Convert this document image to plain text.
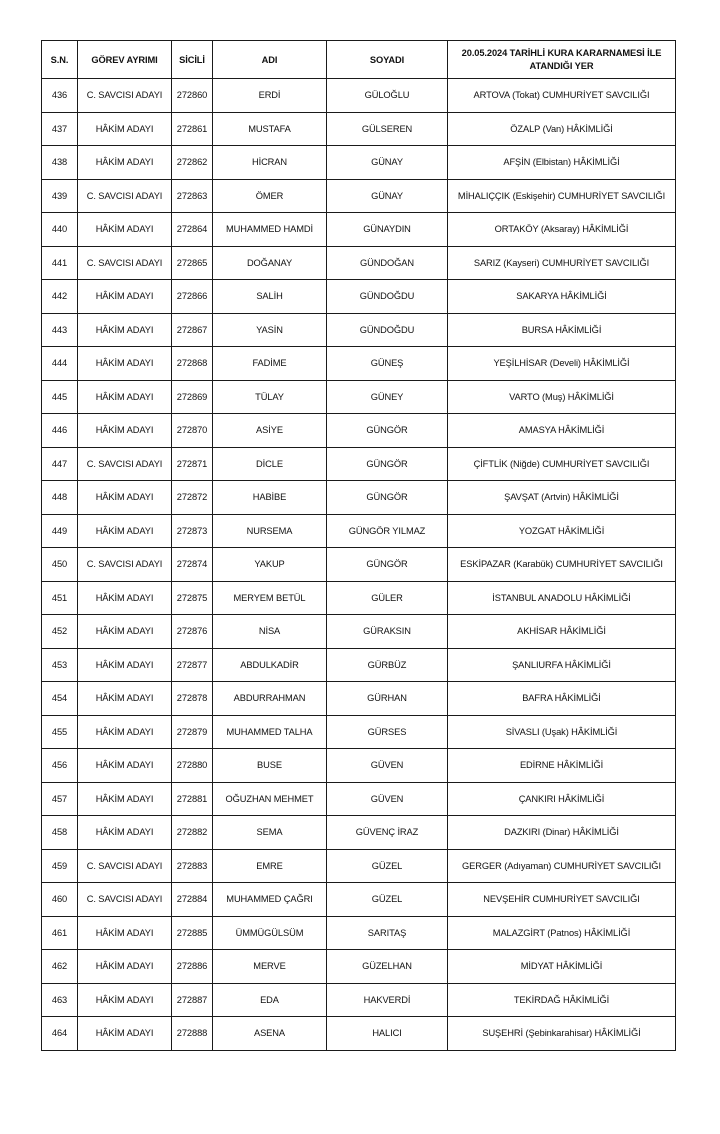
S.N.	GÖREV AYRIMI	SİCİLİ	ADI	SOYADI	20.05.2024 TARİHLİ KURA KARARNAMESİ İLE ATANDIĞI YER
436	C. SAVCISI ADAYI	272860	ERDİ	GÜLOĞLU	ARTOVA (Tokat) CUMHURİYET SAVCILIĞI
437	HÂKİM ADAYI	272861	MUSTAFA	GÜLSEREN	ÖZALP (Van) HÂKİMLİĞİ
438	HÂKİM ADAYI	272862	HİCRAN	GÜNAY	AFŞİN (Elbistan) HÂKİMLİĞİ
439	C. SAVCISI ADAYI	272863	ÖMER	GÜNAY	MİHALIÇÇIK (Eskişehir) CUMHURİYET SAVCILIĞI
440	HÂKİM ADAYI	272864	MUHAMMED HAMDİ	GÜNAYDIN	ORTAKÖY (Aksaray) HÂKİMLİĞİ
441	C. SAVCISI ADAYI	272865	DOĞANAY	GÜNDOĞAN	SARIZ (Kayseri) CUMHURİYET SAVCILIĞI
442	HÂKİM ADAYI	272866	SALİH	GÜNDOĞDU	SAKARYA HÂKİMLİĞİ
443	HÂKİM ADAYI	272867	YASİN	GÜNDOĞDU	BURSA HÂKİMLİĞİ
444	HÂKİM ADAYI	272868	FADİME	GÜNEŞ	YEŞİLHİSAR (Develi) HÂKİMLİĞİ
445	HÂKİM ADAYI	272869	TÜLAY	GÜNEY	VARTO (Muş) HÂKİMLİĞİ
446	HÂKİM ADAYI	272870	ASİYE	GÜNGÖR	AMASYA HÂKİMLİĞİ
447	C. SAVCISI ADAYI	272871	DİCLE	GÜNGÖR	ÇİFTLİK (Niğde) CUMHURİYET SAVCILIĞI
448	HÂKİM ADAYI	272872	HABİBE	GÜNGÖR	ŞAVŞAT (Artvin) HÂKİMLİĞİ
449	HÂKİM ADAYI	272873	NURSEMA	GÜNGÖR YILMAZ	YOZGAT HÂKİMLİĞİ
450	C. SAVCISI ADAYI	272874	YAKUP	GÜNGÖR	ESKİPAZAR (Karabük) CUMHURİYET SAVCILIĞI
451	HÂKİM ADAYI	272875	MERYEM BETÜL	GÜLER	İSTANBUL ANADOLU HÂKİMLİĞİ
452	HÂKİM ADAYI	272876	NİSA	GÜRAKSIN	AKHİSAR HÂKİMLİĞİ
453	HÂKİM ADAYI	272877	ABDULKADİR	GÜRBÜZ	ŞANLIURFA HÂKİMLİĞİ
454	HÂKİM ADAYI	272878	ABDURRAHMAN	GÜRHAN	BAFRA HÂKİMLİĞİ
455	HÂKİM ADAYI	272879	MUHAMMED TALHA	GÜRSES	SİVASLI (Uşak) HÂKİMLİĞİ
456	HÂKİM ADAYI	272880	BUSE	GÜVEN	EDİRNE HÂKİMLİĞİ
457	HÂKİM ADAYI	272881	OĞUZHAN MEHMET	GÜVEN	ÇANKIRI HÂKİMLİĞİ
458	HÂKİM ADAYI	272882	SEMA	GÜVENÇ İRAZ	DAZKIRI (Dinar) HÂKİMLİĞİ
459	C. SAVCISI ADAYI	272883	EMRE	GÜZEL	GERGER (Adıyaman) CUMHURİYET SAVCILIĞI
460	C. SAVCISI ADAYI	272884	MUHAMMED ÇAĞRI	GÜZEL	NEVŞEHİR CUMHURİYET SAVCILIĞI
461	HÂKİM ADAYI	272885	ÜMMÜGÜLSÜM	SARITAŞ	MALAZGİRT (Patnos) HÂKİMLİĞİ
462	HÂKİM ADAYI	272886	MERVE	GÜZELHAN	MİDYAT HÂKİMLİĞİ
463	HÂKİM ADAYI	272887	EDA	HAKVERDİ	TEKİRDAĞ HÂKİMLİĞİ
464	HÂKİM ADAYI	272888	ASENA	HALICI	SUŞEHRİ (Şebinkarahisar) HÂKİMLİĞİ
